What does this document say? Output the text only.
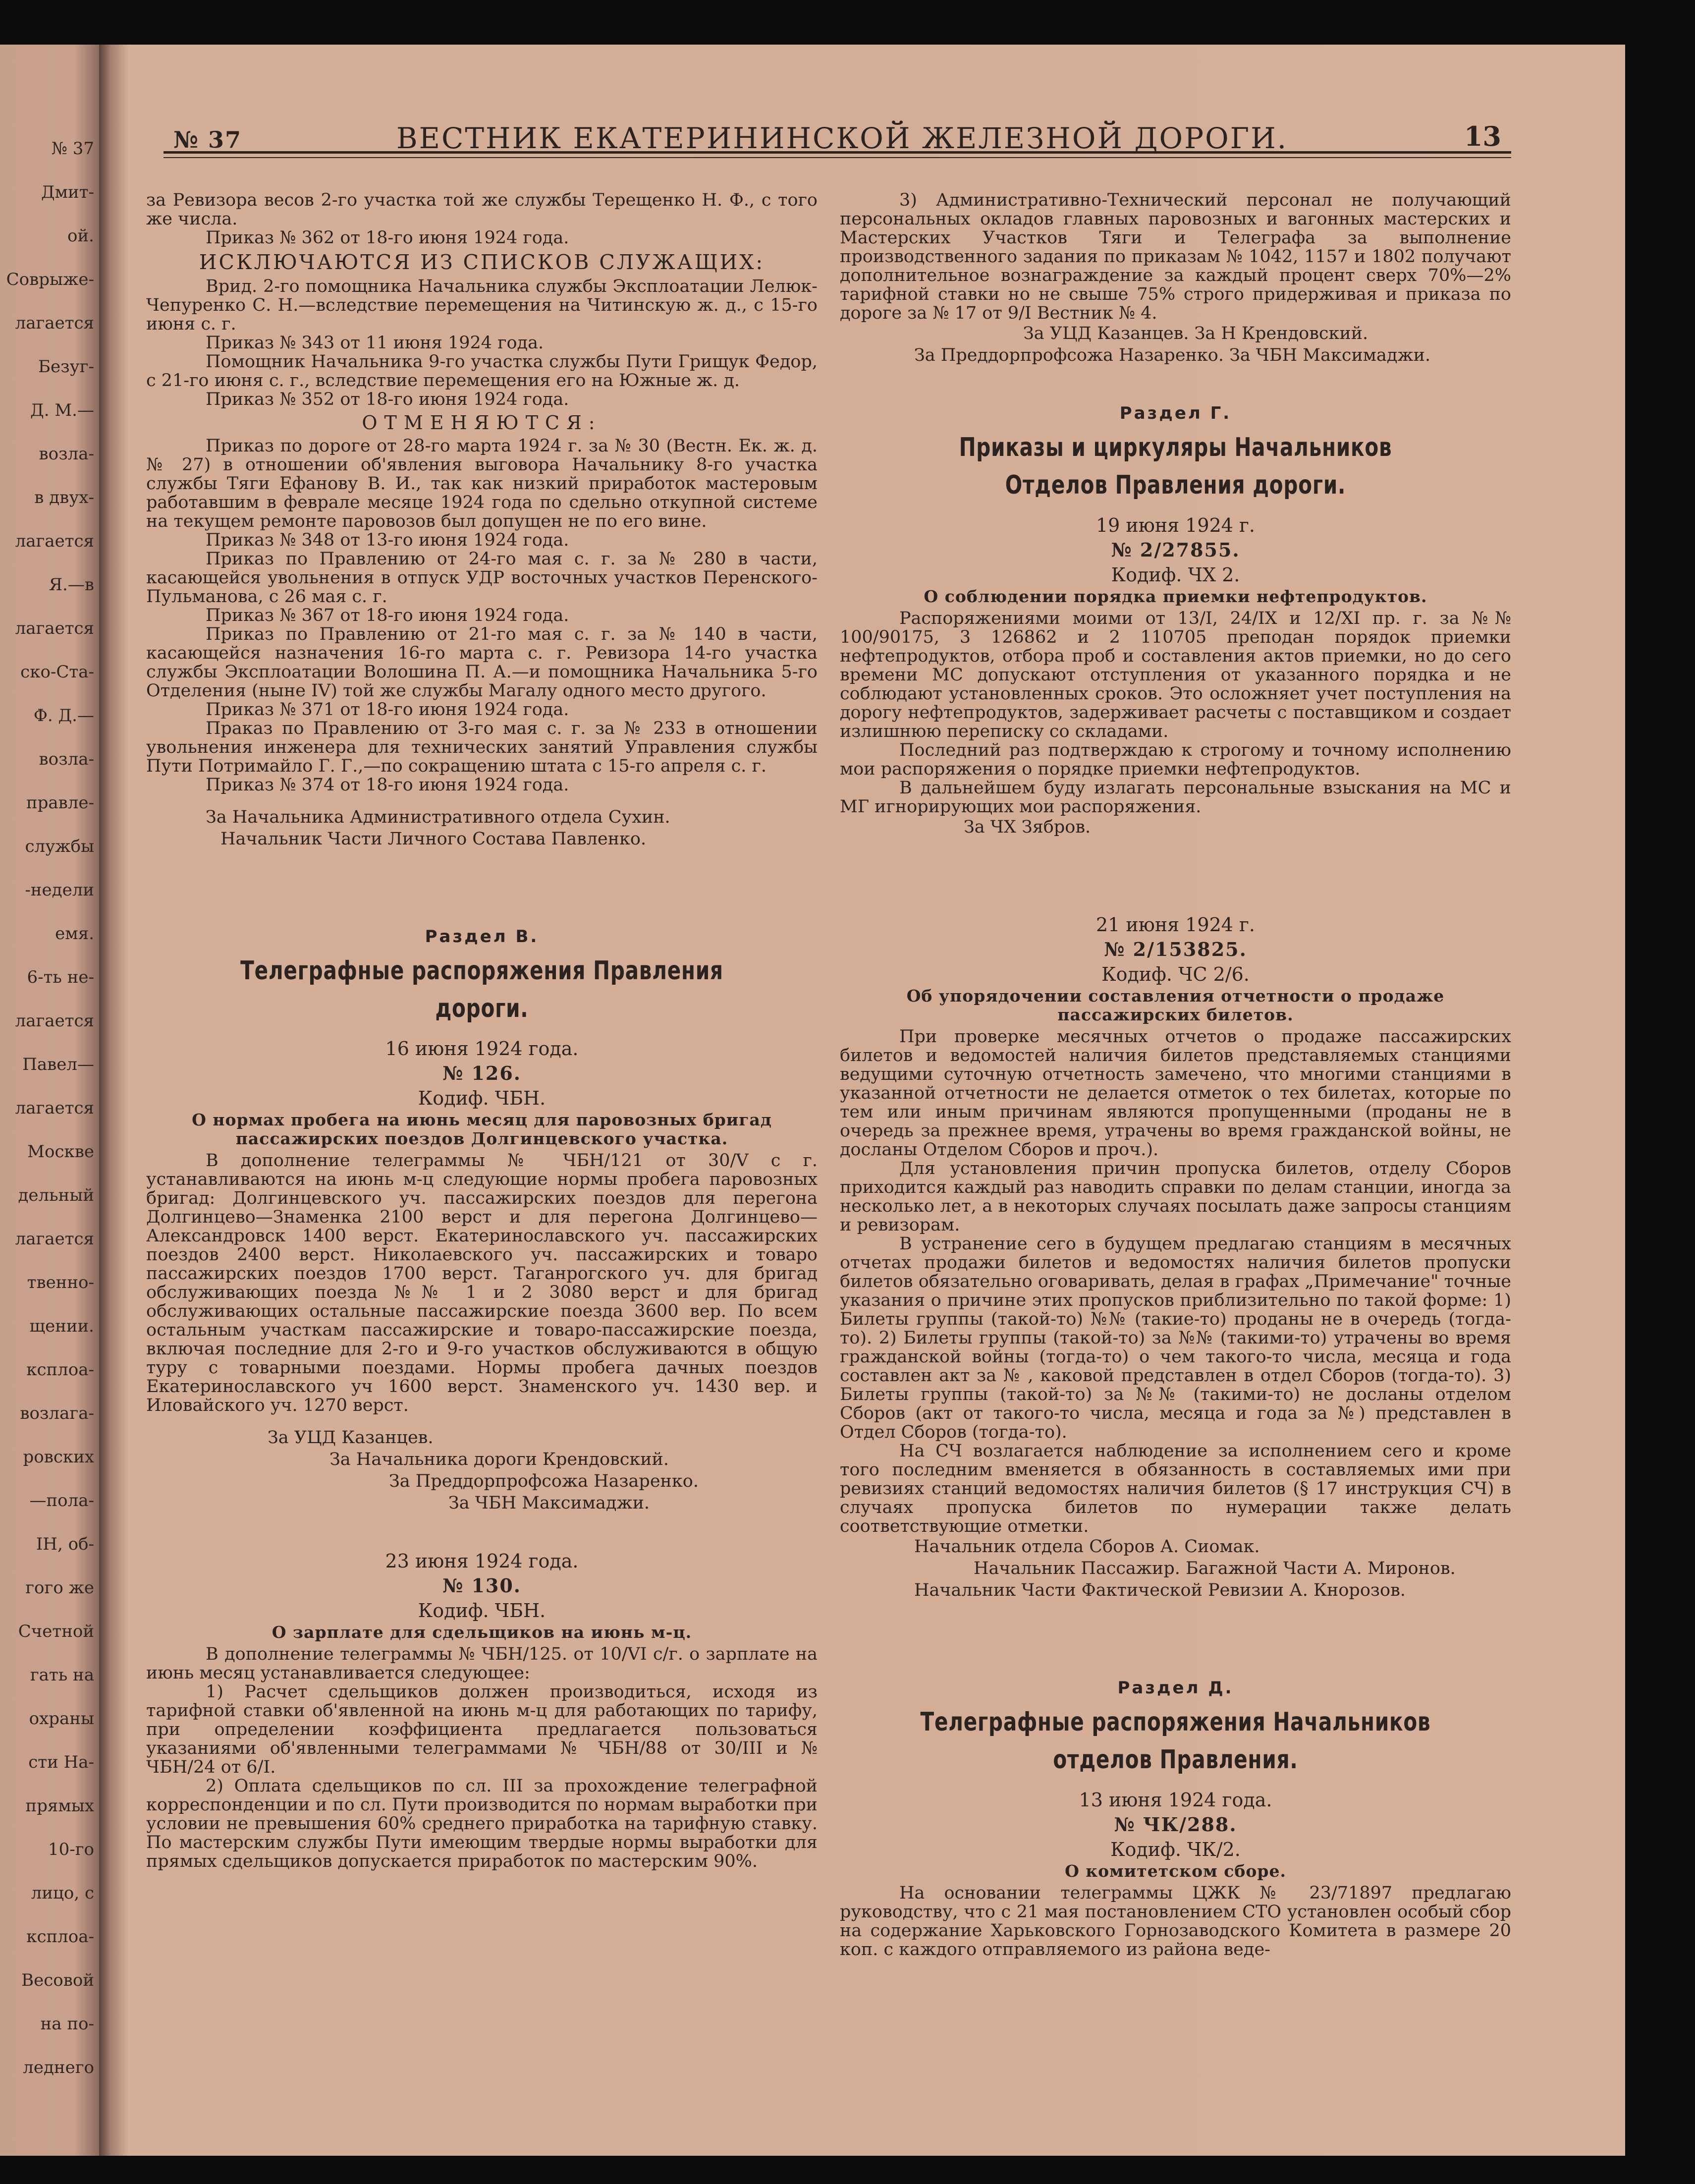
№ 37
Дмит-
ой.
Соврыже-
лагается
Безуг-
Д. М.—
возла-
в двух-
лагается
Я.—в
лагается
ско-Ста-
Ф. Д.—
возла-
правле-
службы
-недели
емя.
6-ть не-
лагается
Павел—
лагается
Москве
дельный
лагается
твенно-
щении.
ксплоа-
возлага-
ровских
—пола-
ІН, об-
гого же
Счетной
гать на
охраны
сти На-
прямых
10-го
лицо, с
ксплоа-
Весовой
на по-
леднего
№ 37	ВЕСТНИК ЕКАТЕРИНИНСКОЙ ЖЕЛЕЗНОЙ ДОРОГИ.	13

за Ревизора весов 2-го участка той же службы Терещенко Н. Ф., с того же числа.

Приказ № 362 от 18-го июня 1924 года.

ИСКЛЮЧАЮТСЯ ИЗ СПИСКОВ СЛУЖАЩИХ:

Врид. 2-го помощника Начальника службы Эксплоатации Лелюк-Чепуренко С. Н.—вследствие перемещения на Читинскую ж. д., с 15-го июня с. г.

Приказ № 343 от 11 июня 1924 года.

Помощник Начальника 9-го участка службы Пути Грищук Федор, с 21-го июня с. г., вследствие перемещения его на Южные ж. д.

Приказ № 352 от 18-го июня 1924 года.

ОТМЕНЯЮТСЯ:

Приказ по дороге от 28-го марта 1924 г. за № 30 (Вестн. Ек. ж. д. № 27) в отношении об'явления выговора Начальнику 8-го участка службы Тяги Ефанову В. И., так как низкий приработок мастеровым работавшим в феврале месяце 1924 года по сдельно откупной системе на текущем ремонте паровозов был допущен не по его вине.

Приказ № 348 от 13-го июня 1924 года.

Приказ по Правлению от 24-го мая с. г. за № 280 в части, касающейся увольнения в отпуск УДР восточных участков Перенского-Пульманова, с 26 мая с. г.

Приказ № 367 от 18-го июня 1924 года.

Приказ по Правлению от 21-го мая с. г. за № 140 в части, касающейся назначения 16-го марта с. г. Ревизора 14-го участка службы Эксплоатации Волошина П. А.—и помощника Начальника 5-го Отделения (ныне IV) той же службы Магалу одного место другого.

Приказ № 371 от 18-го июня 1924 года.

Праказ по Правлению от 3-го мая с. г. за № 233 в отношении увольнения инженера для технических занятий Управления службы Пути Потримайло Г. Г.,—по сокращению штата с 15-го апреля с. г.

Приказ № 374 от 18-го июня 1924 года.

За Начальника Административного отдела Сухин.

Начальник Части Личного Состава Павленко.

Раздел В.

Телеграфные распоряжения Правления дороги.

16 июня 1924 года.

№ 126.

Кодиф. ЧБН.

О нормах пробега на июнь месяц для паровозных бригад пассажирских поездов Долгинцевского участка.

В дополнение телеграммы № ЧБН/121 от 30/V с г. устанавливаются на июнь м-ц следующие нормы пробега паровозных бригад: Долгинцевского уч. пассажирских поездов для перегона Долгинцево—Знаменка 2100 верст и для перегона Долгинцево—Александровск 1400 верст. Екатеринославского уч. пассажирских поездов 2400 верст. Николаевского уч. пассажирских и товаро пассажирских поездов 1700 верст. Таганрогского уч. для бригад обслуживающих поезда №№ 1 и 2 3080 верст и для бригад обслуживающих остальные пассажирские поезда 3600 вер. По всем остальным участкам пассажирские и товаро-пассажирские поезда, включая последние для 2-го и 9-го участков обслуживаются в общую туру с товарными поездами. Нормы пробега дачных поездов Екатеринославского уч 1600 верст. Знаменского уч. 1430 вер. и Иловайского уч. 1270 верст.

За УЦД Казанцев.

За Начальника дороги Крендовский.

За Преддорпрофсожа Назаренко.

За ЧБН Максимаджи.

23 июня 1924 года.

№ 130.

Кодиф. ЧБН.

О зарплате для сдельщиков на июнь м-ц.

В дополнение телеграммы № ЧБН/125. от 10/VI с/г. о зарплате на июнь месяц устанавливается следующее:

1) Расчет сдельщиков должен производиться, исходя из тарифной ставки об'явленной на июнь м-ц для работающих по тарифу, при определении коэффициента предлагается пользоваться указаниями об'явленными телеграммами № ЧБН/88 от 30/III и № ЧБН/24 от 6/I.

2) Оплата сдельщиков по сл. III за прохождение телеграфной корреспонденции и по сл. Пути производится по нормам выработки при условии не превышения 60% среднего приработка на тарифную ставку. По мастерским службы Пути имеющим твердые нормы выработки для прямых сдельщиков допускается приработок по мастерским 90%.

3) Административно-Технический персонал не получающий персональных окладов главных паровозных и вагонных мастерских и Мастерских Участков Тяги и Телеграфа за выполнение производственного задания по приказам № 1042, 1157 и 1802 получают дополнительное вознаграждение за каждый процент сверх 70%—2% тарифной ставки но не свыше 75% строго придерживая и приказа по дороге за № 17 от 9/I Вестник № 4.

За УЦД Казанцев. За Н Крендовский.

За Преддорпрофсожа Назаренко. За ЧБН Максимаджи.

Раздел Г.

Приказы и циркуляры Начальников Отделов Правления дороги.

19 июня 1924 г.

№ 2/27855.

Кодиф. ЧХ 2.

О соблюдении порядка приемки нефтепродуктов.

Распоряжениями моими от 13/I, 24/IX и 12/XI пр. г. за №№ 100/90175, 3 126862 и 2 110705 преподан порядок приемки нефтепродуктов, отбора проб и составления актов приемки, но до сего времени МС допускают отступления от указанного порядка и не соблюдают установленных сроков. Это осложняет учет поступления на дорогу нефтепродуктов, задерживает расчеты с поставщиком и создает излишнюю переписку со складами.

Последний раз подтверждаю к строгому и точному исполнению мои распоряжения о порядке приемки нефтепродуктов.

В дальнейшем буду излагать персональные взыскания на МС и МГ игнорирующих мои распоряжения.

За ЧХ Зябров.

21 июня 1924 г.

№ 2/153825.

Кодиф. ЧС 2/6.

Об упорядочении составления отчетности о продаже пассажирских билетов.

При проверке месячных отчетов о продаже пассажирских билетов и ведомостей наличия билетов представляемых станциями ведущими суточную отчетность замечено, что многими станциями в указанной отчетности не делается отметок о тех билетах, которые по тем или иным причинам являются пропущенными (проданы не в очередь за прежнее время, утрачены во время гражданской войны, не досланы Отделом Сборов и проч.).

Для установления причин пропуска билетов, отделу Сборов приходится каждый раз наводить справки по делам станции, иногда за несколько лет, а в некоторых случаях посылать даже запросы станциям и ревизорам.

В устранение сего в будущем предлагаю станциям в месячных отчетах продажи билетов и ведомостях наличия билетов пропуски билетов обязательно оговаривать, делая в графах „Примечание" точные указания о причине этих пропусков приблизительно по такой форме: 1) Билеты группы (такой-то) №№ (такие-то) проданы не в очередь (тогда-то). 2) Билеты группы (такой-то) за №№ (такими-то) утрачены во время гражданской войны (тогда-то) о чем такого-то числа, месяца и года составлен акт за № , каковой представлен в отдел Сборов (тогда-то). 3) Билеты группы (такой-то) за №№ (такими-то) не досланы отделом Сборов (акт от такого-то числа, месяца и года за №) представлен в Отдел Сборов (тогда-то).

На СЧ возлагается наблюдение за исполнением сего и кроме того последним вменяется в обязанность в составляемых ими при ревизиях станций ведомостях наличия билетов (§ 17 инструкция СЧ) в случаях пропуска билетов по нумерации также делать соответствующие отметки.

Начальник отдела Сборов А. Сиомак.

Начальник Пассажир. Багажной Части А. Миронов.

Начальник Части Фактической Ревизии А. Кнорозов.

Раздел Д.

Телеграфные распоряжения Начальников отделов Правления.

13 июня 1924 года.

№ ЧК/288.

Кодиф. ЧК/2.

О комитетском сборе.

На основании телеграммы ЦЖК № 23/71897 предлагаю руководству, что с 21 мая постановлением СТО установлен особый сбор на содержание Харьковского Горнозаводского Комитета в размере 20 коп. с каждого отправляемого из района веде-
